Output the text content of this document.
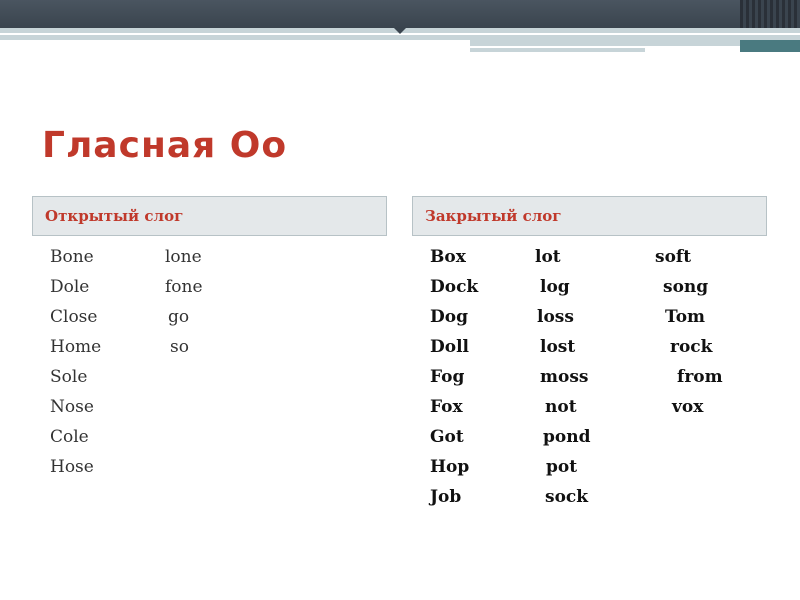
Гласная Оо
Открытый слог	Закрытый слог
Bone	lone
Dole	fone
Close	go
Home	so
Sole
Nose
Cole
Hose
Box	lot	soft
Dock	log	song
Dog	loss	Tom
Doll	lost	rock
Fog	moss	from
Fox	not	vox
Got	pond
Hop	pot
Job	sock
